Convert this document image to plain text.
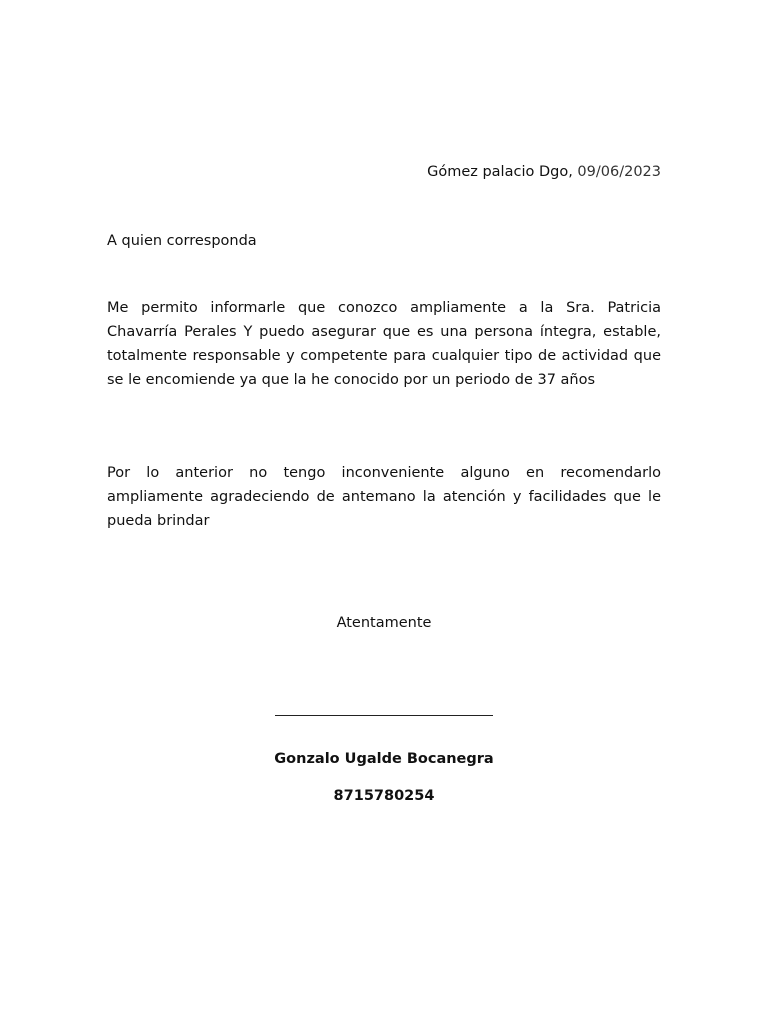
Gómez palacio Dgo, 09/06/2023
A quien corresponda
Me permito informarle que conozco ampliamente a la Sra. Patricia Chavarría Perales Y puedo asegurar que es una persona íntegra, estable, totalmente responsable y competente para cualquier tipo de actividad que se le encomiende ya que la he conocido por un periodo de 37 años
Por lo anterior no tengo inconveniente alguno en recomendarlo ampliamente agradeciendo de antemano la atención y facilidades que le pueda brindar
Atentamente
Gonzalo Ugalde Bocanegra
8715780254
